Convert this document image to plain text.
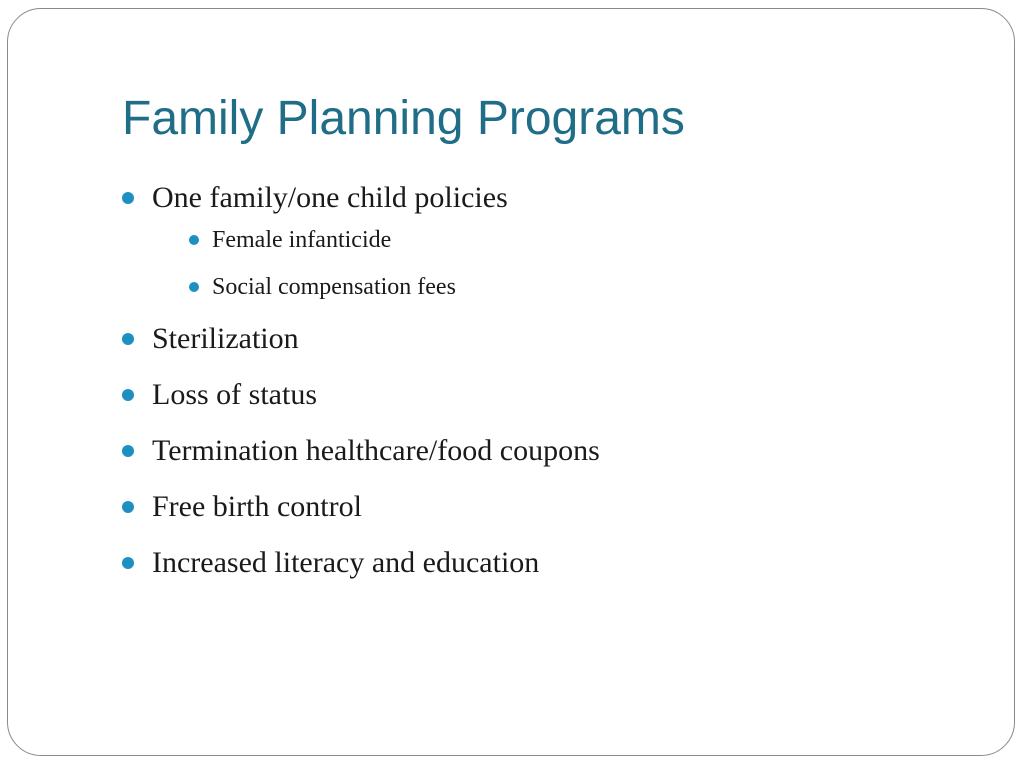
Family Planning Programs
One family/one child policies
Female infanticide
Social compensation fees
Sterilization
Loss of status
Termination healthcare/food coupons
Free birth control
Increased literacy and education
